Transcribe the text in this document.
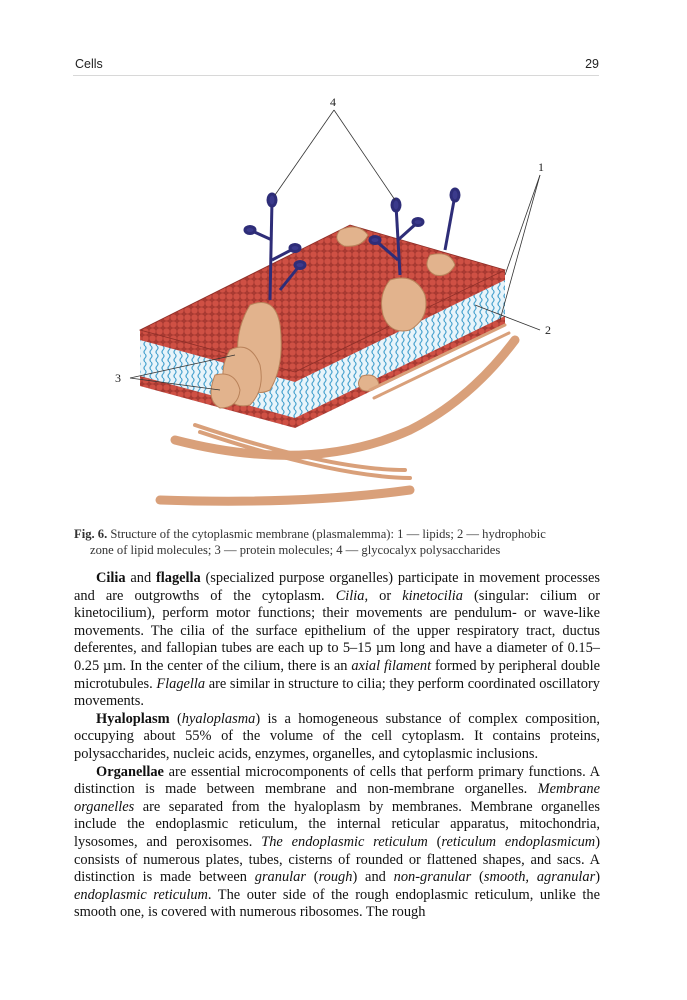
Cells	29
4
1
2
3
Fig. 6. Structure of the cytoplasmic membrane (plasmalemma): 1 — lipids; 2 — hydrophobic
zone of lipid molecules; 3 — protein molecules; 4 — glycocalyx polysaccharides

Cilia and flagella (specialized purpose organelles) participate in movement processes and are outgrowths of the cytoplasm. Cilia, or kinetocilia (singular: cilium or kinetocilium), perform motor functions; their movements are pendulum- or wave-like movements. The cilia of the surface epithelium of the upper respiratory tract, ductus deferentes, and fallopian tubes are each up to 5–15 µm long and have a diameter of 0.15–0.25 µm. In the center of the cilium, there is an axial filament formed by peripheral double microtubules. Flagella are similar in structure to cilia; they perform coordinated oscillatory movements.

Hyaloplasm (hyaloplasma) is a homogeneous substance of complex composition, occupying about 55% of the volume of the cell cytoplasm. It contains proteins, polysaccharides, nucleic acids, enzymes, organelles, and cytoplasmic inclusions.

Organellae are essential microcomponents of cells that perform primary functions. A distinction is made between membrane and non-membrane organelles. Membrane organelles are separated from the hyaloplasm by membranes. Membrane organelles include the endoplasmic reticulum, the internal reticular apparatus, mitochondria, lysosomes, and peroxisomes. The endoplasmic reticulum (reticulum endoplasmicum) consists of numerous plates, tubes, cisterns of rounded or flattened shapes, and sacs. A distinction is made between granular (rough) and non-granular (smooth, agranular) endoplasmic reticulum. The outer side of the rough endoplasmic reticulum, unlike the smooth one, is covered with numerous ribosomes. The rough
